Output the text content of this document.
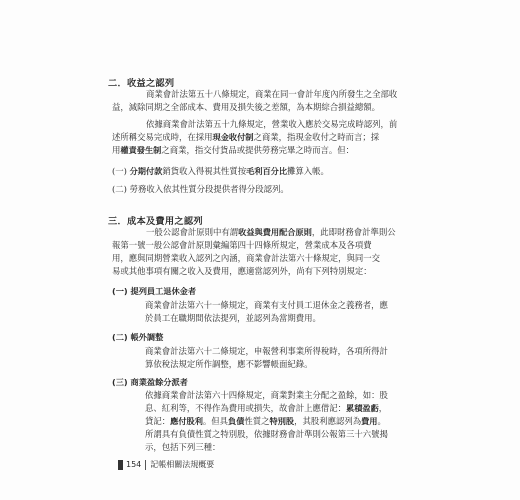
二．收益之認列
商業會計法第五十八條規定，商業在同一會計年度內所發生之全部收
益，減除同期之全部成本、費用及損失後之差額，為本期綜合損益總額。
依據商業會計法第五十九條規定，營業收入應於交易完成時認列，前
述所稱交易完成時，在採用現金收付制之商業，指現金收付之時而言；採
用權責發生制之商業，指交付貨品或提供勞務完畢之時而言。但：
(一) 分期付款銷貨收入得視其性質按毛利百分比攤算入帳。
(二) 勞務收入依其性質分段提供者得分段認列。
三．成本及費用之認列
一般公認會計原則中有謂收益與費用配合原則，此即財務會計準則公
報第一號一般公認會計原則彙編第四十四條所規定，營業成本及各項費
用，應與同期營業收入認列之內涵，商業會計法第六十條規定，與同一交
易或其他事項有關之收入及費用，應適當認列外，尚有下列特別規定：
(一) 提列員工退休金者
商業會計法第六十一條規定，商業有支付員工退休金之義務者，應
於員工在職期間依法提列，並認列為當期費用。
(二) 帳外調整
商業會計法第六十二條規定，申報營利事業所得稅時，各項所得計
算依稅法規定所作調整，應不影響帳面紀錄。
(三) 商業盈餘分派者
依據商業會計法第六十四條規定，商業對業主分配之盈餘，如：股
息、紅利等，不得作為費用或損失，故會計上應借記：累積盈虧，
貸記：應付股利。但具負債性質之特別股，其股利應認列為費用。
所謂具有負債性質之特別股，依據財務會計準則公報第三十六號揭
示，包括下列三種：
154 記帳相關法規概要
